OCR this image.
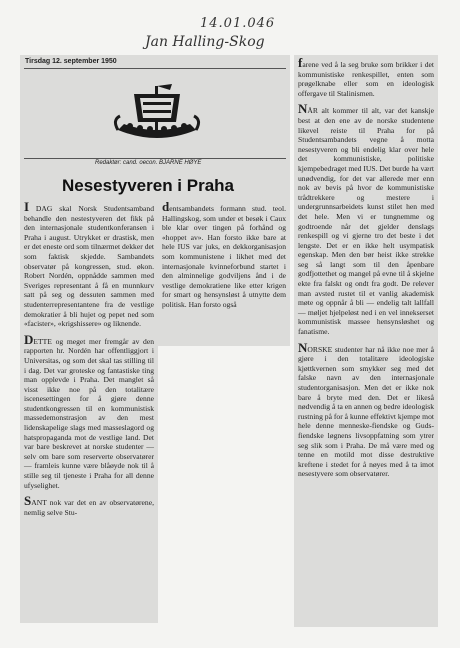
14.01.046
Jan Halling-Skog
Tirsdag 12. september 1950
Redaktør: cand. oecon. BJARNE HØYE
Nesestyveren i Praha

I DAG skal Norsk Studentsamband behandle den nestestyveren det fikk på den internasjonale studentkonferansen i Praha i august. Utrykket er drastisk, men er det eneste ord som tilnærmet dekker det som faktisk skjedde. Sambandets observatør på kongressen, stud. økon. Robert Nordén, oppnådde sammen med Sveriges representant å få en munnkurv satt på seg og dessuten sammen med studenterrepresentantene fra de vestlige demokratier å bli hujet og pepet ned som «facister», «krigshissere» og liknende.

DETTE og meget mer fremgår av den rapporten hr. Nordén har offentliggjort i Universitas, og som det skal tas stilling til i dag. Det var groteske og fantastiske ting man opplevde i Praha. Det manglet så visst ikke noe på den totalitære iscenesettingen for å gjøre denne studentkongressen til en kommunistisk massedemonstrasjon av den mest lidenskapelige slags med masseslagord og hatspropaganda mot de vestlige land. Det var bare beskrevet at norske studenter — selv om bare som reserverte observatører — framleis kunne være blåøyde nok til å stille seg til tjeneste i Praha for all denne ufyselighet.

SANT nok var det en av observatørene, nemlig selve Stu-

dentsambandets formann stud. teol. Hallingskog, som under et besøk i Caux ble klar over tingen på forhånd og «hoppet av». Han forsto ikke bare at hele IUS var juks, en dekkorganisasjon som kommunistene i likhet med det internasjonale kvinneforbund startet i den alminnelige godviljens ånd i de vestlige demokratiene like etter krigen for smart og hensynsløst å utnytte dem politisk. Han forsto også

farene ved å la seg bruke som brikker i det kommunistiske renkespillet, enten som prøgelknabe eller som en ideologisk offergave til Stalinismen.

NÅR alt kommer til alt, var det kanskje best at den ene av de norske studentene likevel reiste til Praha for på Studentsambandets vegne å motta nesestyveren og bli endelig klar over hele det kommunistiske, politiske kjempebedraget med IUS. Det burde ha vært unødvendig, for det var allerede mer enn nok av bevis på hvor de kommunistiske trådtrekkere og mestere i undergrunnsarbeidets kunst stilet hen med det hele. Men vi er tungnemme og godtroende når det gjelder denslags renkespill og vi gjerne tro det beste i det lengste. Det er en ikke helt usympatisk egenskap. Men den bør heist ikke strekke seg så langt som til den åpenbare godfjottethet og mangel på evne til å skjelne ekte fra falskt og ondt fra godt. De relever man avsted rustet til et vanlig akademisk møte og oppnår å bli — endelig talt lallfall — møljet hjelpeløst ned i en vel innekserset kommunistisk massee hensynsløshet og fanatisme.

NORSKE studenter har nå ikke noe mer å gjøre i den totalitære ideologiske kjøttkvernen som smykker seg med det falske navn av den internasjonale studentorganisasjon. Men det er ikke nok bare å bryte med den. Det er likeså nødvendig å ta en annen og bedre ideologisk rustning på for å kunne effektivt kjempe mot hele denne menneske-fiendske og Guds-fiendske løgnens livsoppfatning som ytrer seg slik som i Praha. De må være med og tenne en motild mot disse destruktive kreftene i stedet for å nøyes med å ta imot nesestyvere som observatører.
